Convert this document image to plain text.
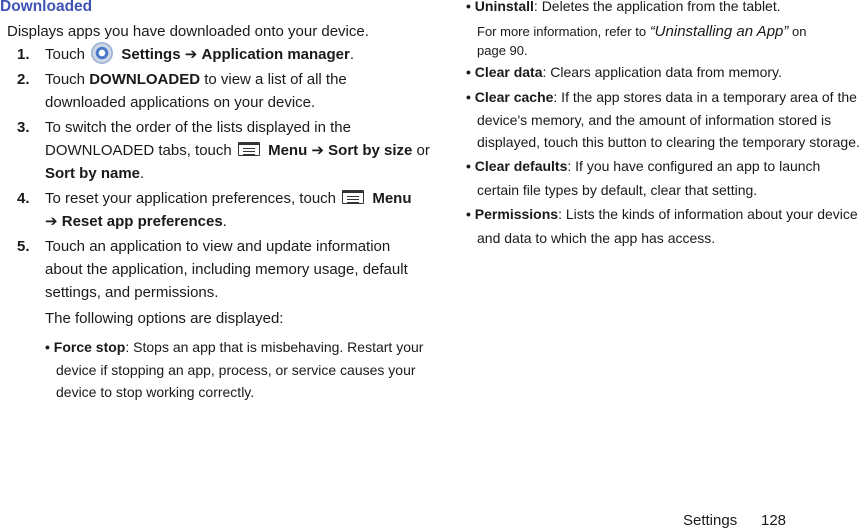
Downloaded
Displays apps you have downloaded onto your device.
1. Touch Settings ➔ Application manager.
2. Touch DOWNLOADED to view a list of all the
downloaded applications on your device.
3. To switch the order of the lists displayed in the
DOWNLOADED tabs, touch Menu ➔ Sort by size or
Sort by name.
4. To reset your application preferences, touch Menu
➔ Reset app preferences.
5. Touch an application to view and update information
about the application, including memory usage, default
settings, and permissions.
The following options are displayed:
• Force stop: Stops an app that is misbehaving. Restart your
device if stopping an app, process, or service causes your
device to stop working correctly.
• Uninstall: Deletes the application from the tablet.
For more information, refer to “Uninstalling an App” on
page 90.
• Clear data: Clears application data from memory.
• Clear cache: If the app stores data in a temporary area of the
device's memory, and the amount of information stored is
displayed, touch this button to clearing the temporary storage.
• Clear defaults: If you have configured an app to launch
certain file types by default, clear that setting.
• Permissions: Lists the kinds of information about your device
and data to which the app has access.
Settings 128
